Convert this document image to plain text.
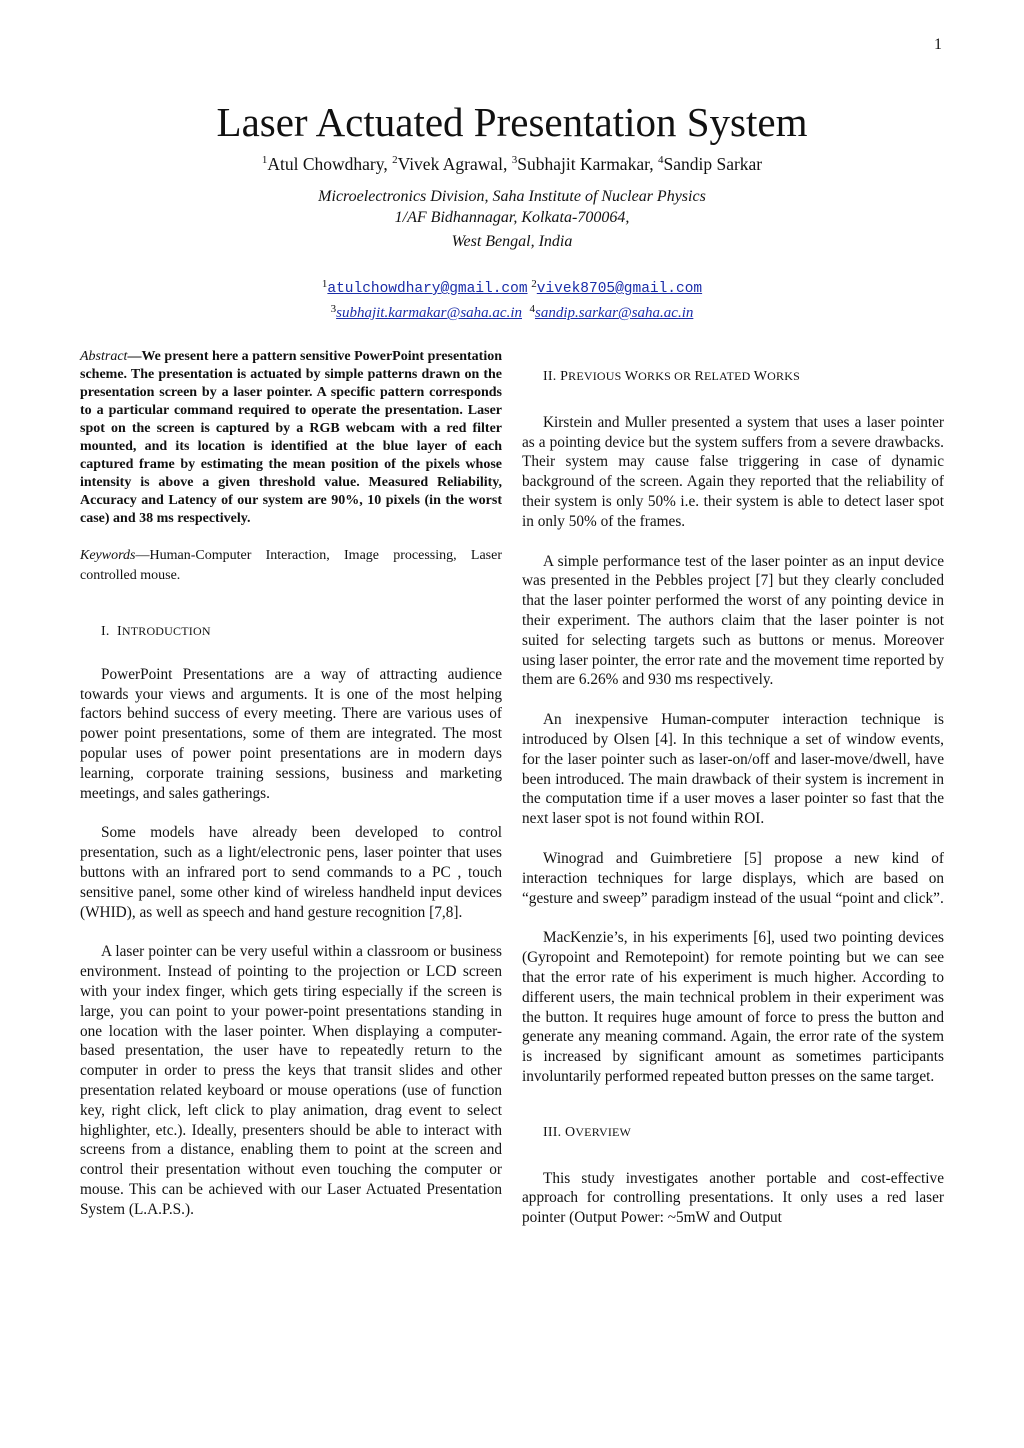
1
Laser Actuated Presentation System
$^1$Atul Chowdhary, $^2$Vivek Agrawal, $^3$Subhajit Karmakar, $^4$Sandip Sarkar
Microelectronics Division, Saha Institute of Nuclear Physics
1/AF Bidhannagar, Kolkata-700064,
West Bengal, India
$^1$atulchowdhary@gmail.com $^2$vivek8705@gmail.com
$^3$subhajit.karmakar@saha.ac.in $^4$sandip.sarkar@saha.ac.in

Abstract—We present here a pattern sensitive PowerPoint presentation scheme. The presentation is actuated by simple patterns drawn on the presentation screen by a laser pointer. A specific pattern corresponds to a particular command required to operate the presentation. Laser spot on the screen is captured by a RGB webcam with a red filter mounted, and its location is identified at the blue layer of each captured frame by estimating the mean position of the pixels whose intensity is above a given threshold value. Measured Reliability, Accuracy and Latency of our system are 90%, 10 pixels (in the worst case) and 38 ms respectively.

Keywords—Human-Computer Interaction, Image processing, Laser controlled mouse.

I. INTRODUCTION

PowerPoint Presentations are a way of attracting audience towards your views and arguments. It is one of the most helping factors behind success of every meeting. There are various uses of power point presentations, some of them are integrated. The most popular uses of power point presentations are in modern days learning, corporate training sessions, business and marketing meetings, and sales gatherings.

Some models have already been developed to control presentation, such as a light/electronic pens, laser pointer that uses buttons with an infrared port to send commands to a PC , touch sensitive panel, some other kind of wireless handheld input devices (WHID), as well as speech and hand gesture recognition [7,8].

A laser pointer can be very useful within a classroom or business environment. Instead of pointing to the projection or LCD screen with your index finger, which gets tiring especially if the screen is large, you can point to your power-point presentations standing in one location with the laser pointer. When displaying a computer-based presentation, the user have to repeatedly return to the computer in order to press the keys that transit slides and other presentation related keyboard or mouse operations (use of function key, right click, left click to play animation, drag event to select highlighter, etc.). Ideally, presenters should be able to interact with screens from a distance, enabling them to point at the screen and control their presentation without even touching the computer or mouse. This can be achieved with our Laser Actuated Presentation System (L.A.P.S.).

II. PREVIOUS WORKS OR RELATED WORKS

Kirstein and Muller presented a system that uses a laser pointer as a pointing device but the system suffers from a severe drawbacks. Their system may cause false triggering in case of dynamic background of the screen. Again they reported that the reliability of their system is only 50% i.e. their system is able to detect laser spot in only 50% of the frames.

A simple performance test of the laser pointer as an input device was presented in the Pebbles project [7] but they clearly concluded that the laser pointer performed the worst of any pointing device in their experiment. The authors claim that the laser pointer is not suited for selecting targets such as buttons or menus. Moreover using laser pointer, the error rate and the movement time reported by them are 6.26% and 930 ms respectively.

An inexpensive Human-computer interaction technique is introduced by Olsen [4]. In this technique a set of window events, for the laser pointer such as laser-on/off and laser-move/dwell, have been introduced. The main drawback of their system is increment in the computation time if a user moves a laser pointer so fast that the next laser spot is not found within ROI.

Winograd and Guimbretiere [5] propose a new kind of interaction techniques for large displays, which are based on “gesture and sweep” paradigm instead of the usual “point and click”.

MacKenzie’s, in his experiments [6], used two pointing devices (Gyropoint and Remotepoint) for remote pointing but we can see that the error rate of his experiment is much higher. According to different users, the main technical problem in their experiment was the button. It requires huge amount of force to press the button and generate any meaning command. Again, the error rate of the system is increased by significant amount as sometimes participants involuntarily performed repeated button presses on the same target.

III. OVERVIEW

This study investigates another portable and cost-effective approach for controlling presentations. It only uses a red laser pointer (Output Power: ~5mW and Output
